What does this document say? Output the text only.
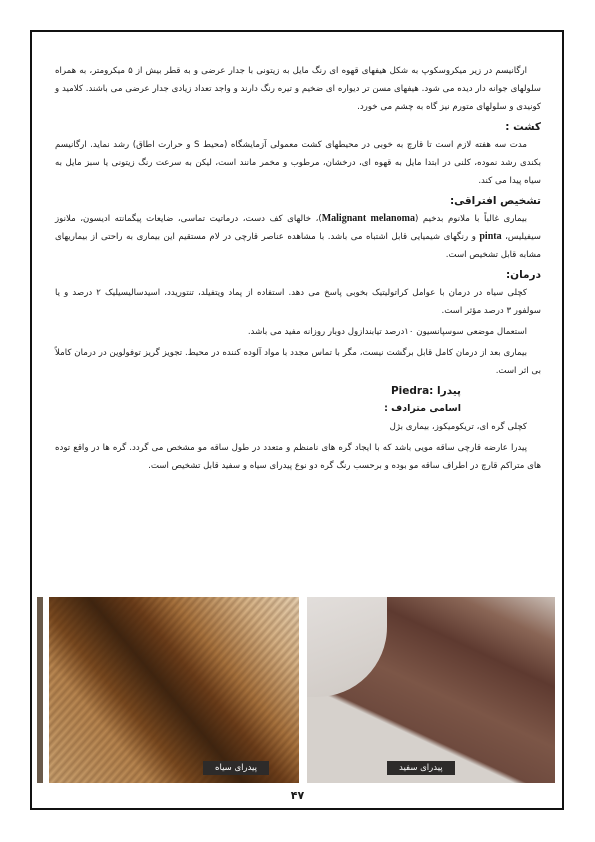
ارگانیسم در زیر میکروسکوپ به شکل هیفهای قهوه ای رنگ مایل به زیتونی با جدار عرضی و به قطر بیش از ۵ میکرومتر، به همراه سلولهای جوانه دار دیده می شود. هیفهای مسن تر دیواره ای ضخیم و تیره رنگ دارند و واجد تعداد زیادی جدار عرضی می باشند. کلامید و کونیدی و سلولهای متورم نیز گاه به چشم می خورد.

کشت :

مدت سه هفته لازم است تا قارچ به خوبی در محیطهای کشت معمولی آزمایشگاه (محیط S و حرارت اطاق) رشد نماید. ارگانیسم بکندی رشد نموده، کلنی در ابتدا مایل به قهوه ای، درخشان، مرطوب و مخمر مانند است، لیکن به سرعت رنگ زیتونی یا سبز مایل به سیاه پیدا می کند.

تشخیص افتراقی:

بیماری غالباً با ملانوم بدخیم (Malignant melanoma)، خالهای کف دست، درماتیت تماسی، ضایعات پیگمانته ادیسون، ملانوز سیفیلیس، pinta و رنگهای شیمیایی قابل اشتباه می باشد. با مشاهده عناصر قارچی در لام مستقیم این بیماری به راحتی از بیماریهای مشابه قابل تشخیص است.

درمان:

کچلی سیاه در درمان با عوامل کراتولیتیک بخوبی پاسخ می دهد. استفاده از پماد ویتفیلد، تنتوریدد، اسیدسالیسیلیک ۲ درصد و یا سولفور ۳ درصد مؤثر است.

استعمال موضعی سوسپانسیون ۱۰درصد تیابندازول دوبار روزانه مفید می باشد.

بیماری بعد از درمان کامل قابل برگشت نیست، مگر با تماس مجدد با مواد آلوده کننده در محیط. تجویز گریز توفولوین در درمان کاملاً بی اثر است.

پیدرا Piedra:
اسامی مترادف :

کچلی گره ای، تریکومیکوز، بیماری بژل

پیدرا عارضه قارچی ساقه مویی باشد که با ایجاد گره های نامنظم و متعدد در طول ساقه مو مشخص می گردد. گره ها در واقع توده های متراکم قارچ در اطراف ساقه مو بوده و برحسب رنگ گره دو نوع پیدرای سیاه و سفید قابل تشخیص است.

پیدرای سیاه	پیدرای سفید
۴۷
